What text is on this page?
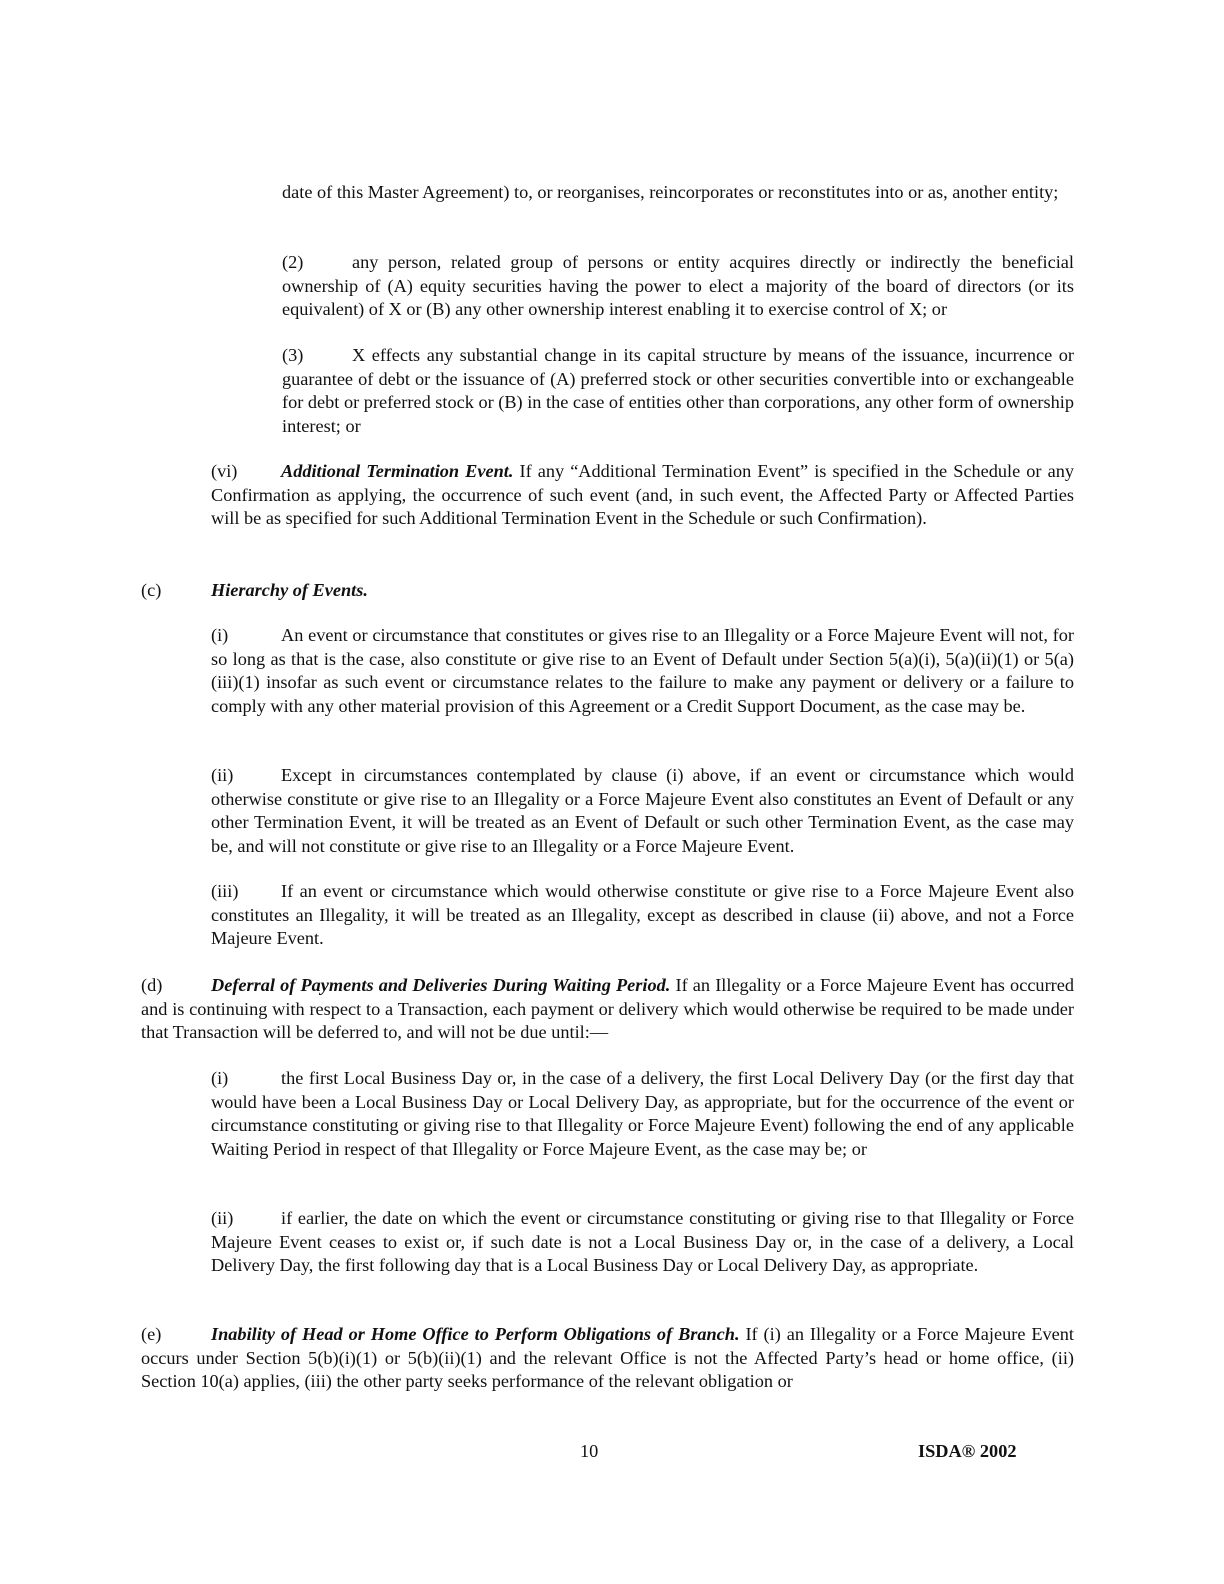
date of this Master Agreement) to, or reorganises, reincorporates or reconstitutes into or as, another entity;

(2)	any person, related group of persons or entity acquires directly or indirectly the beneficial ownership of (A) equity securities having the power to elect a majority of the board of directors (or its equivalent) of X or (B) any other ownership interest enabling it to exercise control of X; or

(3)	X effects any substantial change in its capital structure by means of the issuance, incurrence or guarantee of debt or the issuance of (A) preferred stock or other securities convertible into or exchangeable for debt or preferred stock or (B) in the case of entities other than corporations, any other form of ownership interest; or

(vi) Additional Termination Event. If any “Additional Termination Event” is specified in the Schedule or any Confirmation as applying, the occurrence of such event (and, in such event, the Affected Party or Affected Parties will be as specified for such Additional Termination Event in the Schedule or such Confirmation).

(c)	Hierarchy of Events.

(i)	An event or circumstance that constitutes or gives rise to an Illegality or a Force Majeure Event will not, for so long as that is the case, also constitute or give rise to an Event of Default under Section 5(a)(i), 5(a)(ii)(1) or 5(a)(iii)(1) insofar as such event or circumstance relates to the failure to make any payment or delivery or a failure to comply with any other material provision of this Agreement or a Credit Support Document, as the case may be.

(ii)	Except in circumstances contemplated by clause (i) above, if an event or circumstance which would otherwise constitute or give rise to an Illegality or a Force Majeure Event also constitutes an Event of Default or any other Termination Event, it will be treated as an Event of Default or such other Termination Event, as the case may be, and will not constitute or give rise to an Illegality or a Force Majeure Event.

(iii) If an event or circumstance which would otherwise constitute or give rise to a Force Majeure Event also constitutes an Illegality, it will be treated as an Illegality, except as described in clause (ii) above, and not a Force Majeure Event.

(d)	Deferral of Payments and Deliveries During Waiting Period. If an Illegality or a Force Majeure Event has occurred and is continuing with respect to a Transaction, each payment or delivery which would otherwise be required to be made under that Transaction will be deferred to, and will not be due until:—

(i)	the first Local Business Day or, in the case of a delivery, the first Local Delivery Day (or the first day that would have been a Local Business Day or Local Delivery Day, as appropriate, but for the occurrence of the event or circumstance constituting or giving rise to that Illegality or Force Majeure Event) following the end of any applicable Waiting Period in respect of that Illegality or Force Majeure Event, as the case may be; or

(ii)	if earlier, the date on which the event or circumstance constituting or giving rise to that Illegality or Force Majeure Event ceases to exist or, if such date is not a Local Business Day or, in the case of a delivery, a Local Delivery Day, the first following day that is a Local Business Day or Local Delivery Day, as appropriate.

(e)	Inability of Head or Home Office to Perform Obligations of Branch. If (i) an Illegality or a Force Majeure Event occurs under Section 5(b)(i)(1) or 5(b)(ii)(1) and the relevant Office is not the Affected Party’s head or home office, (ii) Section 10(a) applies, (iii) the other party seeks performance of the relevant obligation or

10	ISDA® 2002
